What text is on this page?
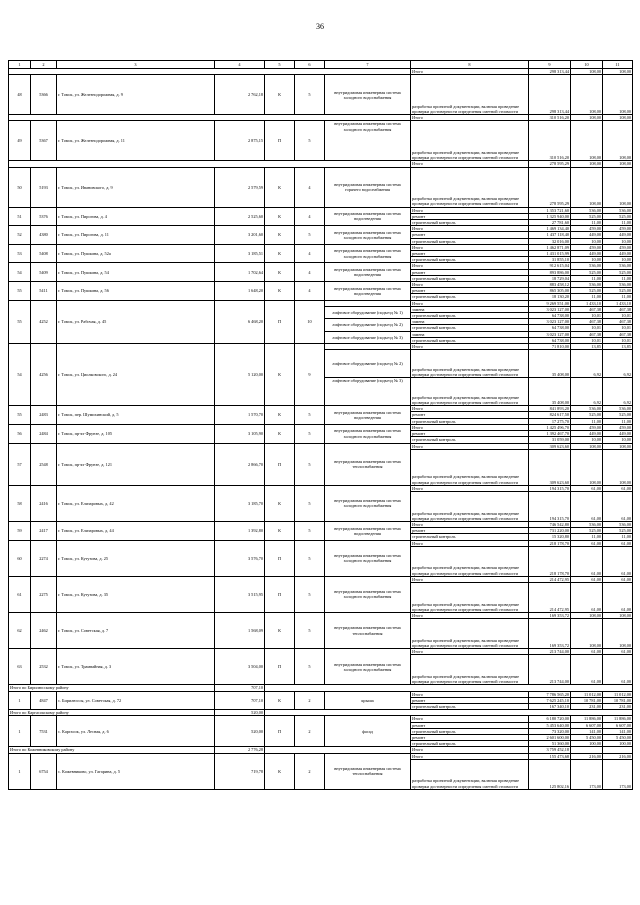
36
1	2	3	4	5	6	7	8	9	10	11
							Итого	298 313,44	108,00	108,00
48	5366	г. Томск, ул. Железнодорожная, д. 9	2 762,18	К	5	внутридомовая инженерная система холодного водоснабжения	разработка проектной документации, включая проведение проверки достоверности определения сметной стоимости	298 313,44	108,00	108,00
							Итого	310 516,20	108,00	108,00
49	5367	г. Томск, ул. Железнодорожная, д. 11	2 875,15	П	5	внутридомовая инженерная система холодного водоснабжения	разработка проектной документации, включая проведение проверки достоверности определения сметной стоимости	310 516,20	108,00	108,00
							Итого	278 595,29	108,00	108,00
50	5193	г. Томск, ул. Ивановского, д. 9	2 579,59	К	4	внутридомовая инженерная система горячего водоснабжения	разработка проектной документации, включая проведение проверки достоверности определения сметной стоимости	278 595,29	108,00	108,00
51	5376	г. Томск, ул. Пирогова, д. 4	2 525,60	К	4	внутридомовая инженерная система водоотведения	Итого	1 353 721,60	536,00	536,00
							ремонт	1 325 940,00	525,00	525,00
							строительный контроль	27 781,60	11,00	11,00
52	4380	г. Томск, ул. Пирогова, д. 11	3 201,60	К	5	внутридомовая инженерная система холодного водоснабжения	Итого	1 469 134,40	459,00	459,00
							ремонт	1 437 118,40	449,00	449,00
							строительный контроль	32 016,00	10,00	10,00
53	5408	г. Томск, ул. Пушкина, д. 52а	3 185,51	К	4	внутридомовая инженерная система холодного водоснабжения	Итого	1 462 871,09	459,00	459,00
							ремонт	1 431 015,99	449,00	449,00
							строительный контроль	31 855,10	10,00	10,00
54	5409	г. Томск, ул. Пушкина, д. 54	1 702,64	К	4	внутридомовая инженерная система водоотведения	Итого	912 615,04	536,00	536,00
							ремонт	893 886,00	525,00	525,00
							строительный контроль	18 729,04	11,00	11,00
55	5411	г. Томск, ул. Пушкина, д. 56	1 648,20	К	4	внутридомовая инженерная система водоотведения	Итого	883 458,12	536,00	536,00
							ремонт	865 305,00	525,00	525,00
							строительный контроль	18 130,20	11,00	11,00
55	4252	г. Томск, ул. Рабочая, д. 45	6 468,20	П	10		Итого	9 269 551,00	1 433,10	1 433,10
						лифтовое оборудование (подъезд № 1)	замена	3 023 127,00	467,38	467,38
							строительный контроль	64 738,00	10,01	10,01
						лифтовое оборудование (подъезд № 2)	замена	3 023 127,00	467,38	467,38
							строительный контроль	64 738,00	10,01	10,01
						лифтовое оборудование (подъезд № 3)	замена	3 023 127,00	467,38	467,38
							строительный контроль	64 738,00	10,01	10,01
54	4256	г. Томск, ул. Циолковского, д. 24	5 120,00	К	9		Итого	71 810,00	13,85	13,85
						лифтовое оборудование (подъезд № 2)	разработка проектной документации, включая проведение проверки достоверности определения сметной стоимости	35 408,00	6,92	6,92
						лифтовое оборудование (подъезд № 3)	разработка проектной документации, включая проведение проверки достоверности определения сметной стоимости	35 408,00	6,92	6,92
55	2483	г. Томск, пер. Шумихинский, д. 5	1 570,70	К	5	внутридомовая инженерная система водоотведения	Итого	841 893,20	536,00	536,00
							ремонт	824 617,50	525,00	525,00
							строительный контроль	17 275,70	11,00	11,00
56	2484	г. Томск, пр-кт Фрунзе, д. 105	3 105,90	К	5	внутридомовая инженерная система холодного водоснабжения	Итого	1 425 496,70	459,00	459,00
							ремонт	1 392 467,70	449,00	449,00
							строительный контроль	31 059,00	10,00	10,00
57	2548	г. Томск, пр-кт Фрунзе, д. 121	2 866,70	П	5	внутридомовая инженерная система теплоснабжения	Итого	309 623,60	108,00	108,00
							разработка проектной документации, включая проведение проверки достоверности определения сметной стоимости	309 623,60	108,00	108,00
58	2416	г. Томск, ул. Елизаровых, д. 42	3 185,70	К	5	внутридомовая инженерная система холодного водоснабжения	Итого	194 315,70	61,00	61,00
							разработка проектной документации, включая проведение проверки достоверности определения сметной стоимости	194 315,70	61,00	61,00
59	2417	г. Томск, ул. Елизаровых, д. 44	1 392,80	К	5	внутридомовая инженерная система водоотведения	Итого	746 542,80	536,00	536,00
							ремонт	731 220,00	525,00	525,00
							строительный контроль	15 320,80	11,00	11,00
60	2274	г. Томск, ул. Кутузова, д. 25	3 576,70	П	5	внутридомовая инженерная система холодного водоснабжения	Итого	218 178,70	61,00	61,00
							разработка проектной документации, включая проведение проверки достоверности определения сметной стоимости	218 178,70	61,00	61,00
61	2275	г. Томск, ул. Кутузова, д. 35	3 515,95	П	5	внутридомовая инженерная система холодного водоснабжения	Итого	214 472,95	61,00	61,00
							разработка проектной документации, включая проведение проверки достоверности определения сметной стоимости	214 472,95	61,00	61,00
62	2462	г. Томск, ул. Советская, д. 7	1 568,09	К	5	внутридомовая инженерная система теплоснабжения	Итого	169 353,72	108,00	108,00
							разработка проектной документации, включая проведение проверки достоверности определения сметной стоимости	169 353,72	108,00	108,00
63	2532	г. Томск, ул. Трамвайная, д. 3	3 504,00	П	5	внутридомовая инженерная система холодного водоснабжения	Итого	213 744,00	61,00	61,00
							разработка проектной документации, включая проведение проверки достоверности определения сметной стоимости	213 744,00	61,00	61,00
Итого по Бирилюсскому району			707,10							
1	4847	с. Бирилюссы, ул. Советская, д. 72	707,10	К	2	крыша	Итого	7 786 565,20	11 012,00	11 012,00
							ремонт	7 625 245,10	10 781,00	10 781,00
							строительный контроль	167 340,10	231,00	231,00
Итого по Каргасокскому району			520,00							
1	7531	с. Каргасок, ул. Лесная, д. 6	520,00	П	2	фасад	Итого	6 180 720,00	11 886,00	11 886,00
							ремонт	5 453 640,00	6 607,00	6 607,00
							строительный контроль	73 320,00	141,00	141,00
							ремонт	2 601 600,00	5 450,00	5 450,00
							строительный контроль	51 360,00	100,00	100,00
Итого по Кожевниковскому району			2 776,28				Итого	3 759 452,18		
1	6754	с. Кожевниково, ул. Гагарина, д. 5	719,78	К	2	внутридомовая инженерная система теплоснабжения	Итого	155 473,68	216,00	216,00
							разработка проектной документации, включая проведение проверки достоверности определения сметной стоимости	125 802,16	173,00	173,00
